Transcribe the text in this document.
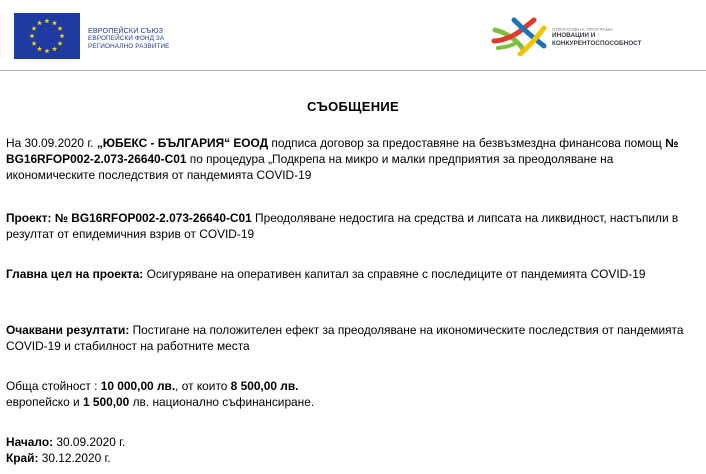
ЕВРОПЕЙСКИ СЪЮЗ
ЕВРОПЕЙСКИ ФОНД ЗА
РЕГИОНАЛНО РАЗВИТИЕ
ОПЕРАТИВНА ПРОГРАМА
ИНОВАЦИИ И
КОНКУРЕНТОСПОСОБНОСТ
СЪОБЩЕНИЕ
На 30.09.2020 г. „ЮБЕКС - БЪЛГАРИЯ“ ЕООД подписа договор за предоставяне на безвъзмездна финансова помощ № BG16RFOP002-2.073-26640-C01 по процедура „Подкрепа на микро и малки предприятия за преодоляване на икономическите последствия от пандемията COVID-19
Проект: № BG16RFOP002-2.073-26640-C01 Преодоляване недостига на средства и липсата на ликвидност, настъпили в резултат от епидемичния взрив от COVID-19
Главна цел на проекта: Осигуряване на оперативен капитал за справяне с последиците от пандемията COVID-19
Очаквани резултати: Постигане на положителен ефект за преодоляване на икономическите последствия от пандемията COVID-19 и стабилност на работните места
Обща стойност : 10 000,00 лв., от които 8 500,00 лв.
европейско и 1 500,00 лв. национално съфинансиране.
Начало: 30.09.2020 г.
Край: 30.12.2020 г.
